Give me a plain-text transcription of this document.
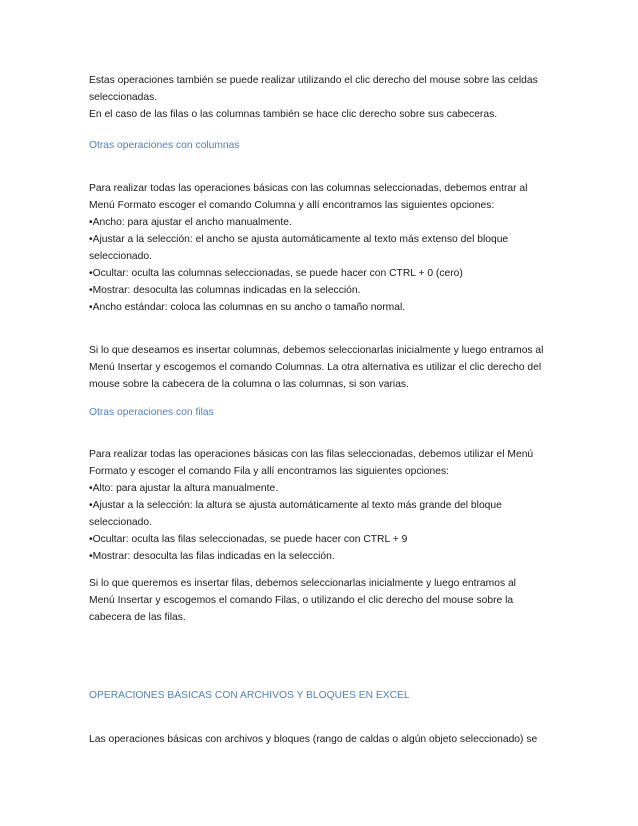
Estas operaciones también se puede realizar utilizando el clic derecho del mouse sobre las celdas
seleccionadas.
En el caso de las filas o las columnas también se hace clic derecho sobre sus cabeceras.
Otras operaciones con columnas
Para realizar todas las operaciones básicas con las columnas seleccionadas, debemos entrar al
Menú Formato escoger el comando Columna y allí encontramos las siguientes opciones:
•Ancho: para ajustar el ancho manualmente.
•Ajustar a la selección: el ancho se ajusta automáticamente al texto más extenso del bloque
seleccionado.
•Ocultar: oculta las columnas seleccionadas, se puede hacer con CTRL + 0 (cero)
•Mostrar: desoculta las columnas indicadas en la selección.
•Ancho estándar: coloca las columnas en su ancho o tamaño normal.
Si lo que deseamos es insertar columnas, debemos seleccionarlas inicialmente y luego entramos al
Menú Insertar y escogemos el comando Columnas. La otra alternativa es utilizar el clic derecho del
mouse sobre la cabecera de la columna o las columnas, si son varias.
Otras operaciones con filas
Para realizar todas las operaciones básicas con las filas seleccionadas, debemos utilizar el Menú
Formato y escoger el comando Fila y allí encontramos las siguientes opciones:
•Alto: para ajustar la altura manualmente.
•Ajustar a la selección: la altura se ajusta automáticamente al texto más grande del bloque
seleccionado.
•Ocultar: oculta las filas seleccionadas, se puede hacer con CTRL + 9
•Mostrar: desoculta las filas indicadas en la selección.
Si lo que queremos es insertar filas, debemos seleccionarlas inicialmente y luego entramos al
Menú Insertar y escogemos el comando Filas, o utilizando el clic derecho del mouse sobre la
cabecera de las filas.
OPERACIONES BÁSICAS CON ARCHIVOS Y BLOQUES EN EXCEL
Las operaciones básicas con archivos y bloques (rango de caldas o algún objeto seleccionado) se
